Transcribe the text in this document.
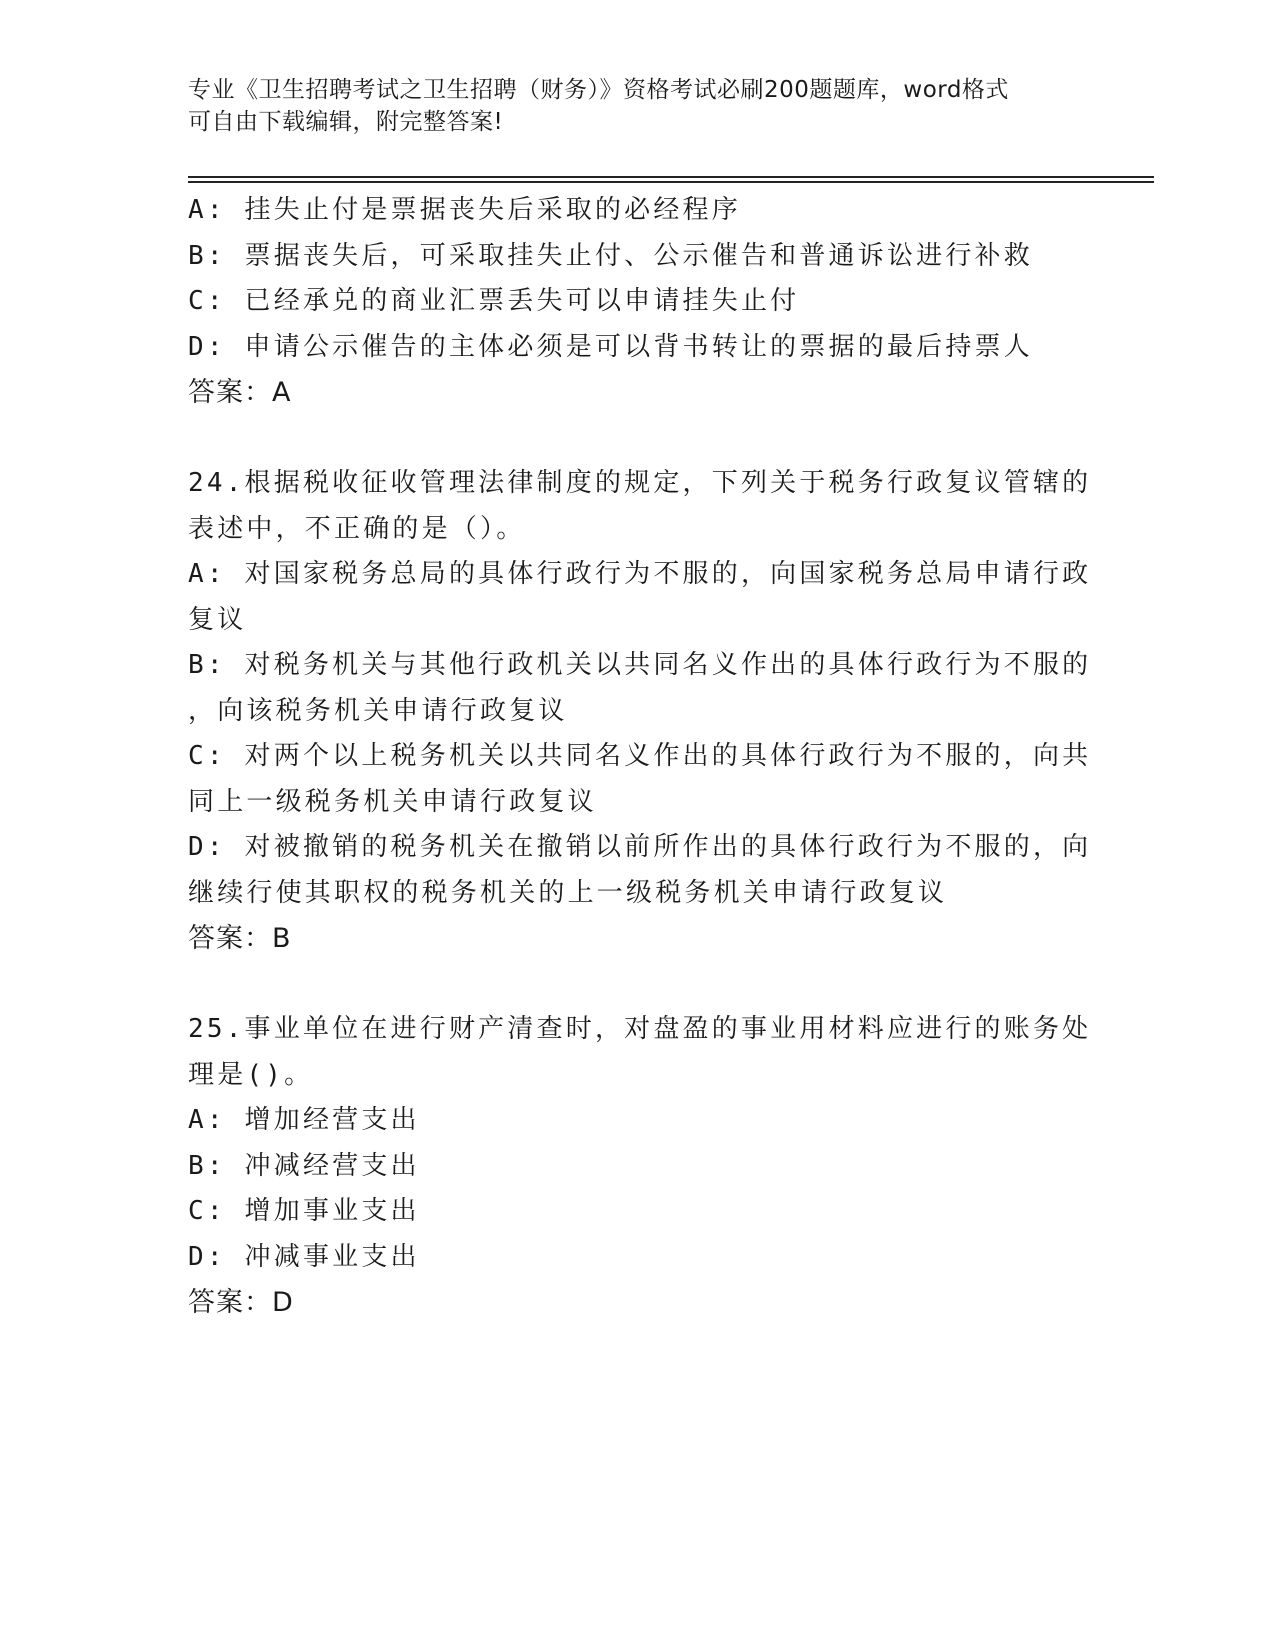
专业《卫生招聘考试之卫生招聘（财务）》资格考试必刷200题题库，word格式
可自由下载编辑，附完整答案!
A: 挂失止付是票据丧失后采取的必经程序
B: 票据丧失后，可采取挂失止付、公示催告和普通诉讼进行补救
C: 已经承兑的商业汇票丢失可以申请挂失止付
D: 申请公示催告的主体必须是可以背书转让的票据的最后持票人
答案：A
24.根据税收征收管理法律制度的规定，下列关于税务行政复议管辖的
表述中，不正确的是（）。
A: 对国家税务总局的具体行政行为不服的，向国家税务总局申请行政
复议
B: 对税务机关与其他行政机关以共同名义作出的具体行政行为不服的
，向该税务机关申请行政复议
C: 对两个以上税务机关以共同名义作出的具体行政行为不服的，向共
同上一级税务机关申请行政复议
D: 对被撤销的税务机关在撤销以前所作出的具体行政行为不服的，向
继续行使其职权的税务机关的上一级税务机关申请行政复议
答案：B
25.事业单位在进行财产清查时，对盘盈的事业用材料应进行的账务处
理是()。
A: 增加经营支出
B: 冲减经营支出
C: 增加事业支出
D: 冲减事业支出
答案：D
